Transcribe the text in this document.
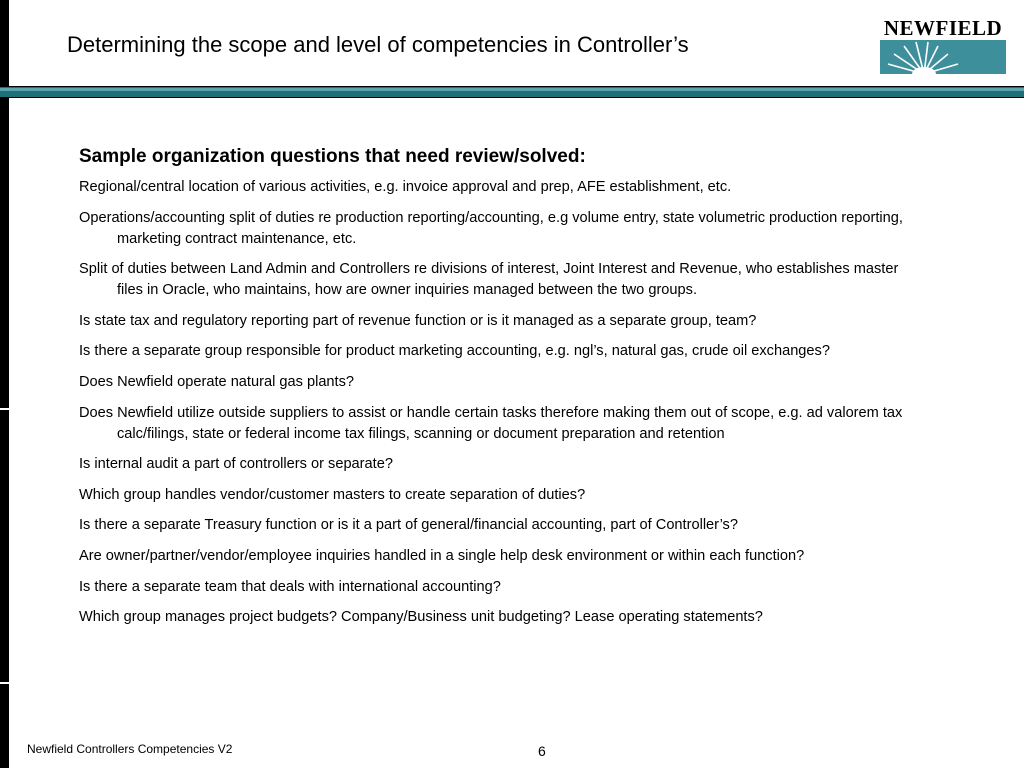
Determining the scope and level of competencies in Controller’s
NEWFIELD
Sample organization questions that need review/solved:
Regional/central location of various activities, e.g. invoice approval and prep, AFE establishment, etc.
Operations/accounting split of duties re production reporting/accounting, e.g volume entry, state volumetric production reporting, marketing contract maintenance, etc.
Split of duties between Land Admin and Controllers re divisions of interest, Joint Interest and Revenue, who establishes master files in Oracle, who maintains, how are owner inquiries managed between the two groups.
Is state tax and regulatory reporting part of revenue function or is it managed as a separate group, team?
Is there a separate group responsible for product marketing accounting, e.g. ngl’s, natural gas, crude oil exchanges?
Does Newfield operate natural gas plants?
Does Newfield utilize outside suppliers to assist or handle certain tasks therefore making them out of scope, e.g. ad valorem tax calc/filings, state or federal income tax filings, scanning or document preparation and retention
Is internal audit a part of controllers or separate?
Which group handles vendor/customer masters to create separation of duties?
Is there a separate Treasury function or is it a part of general/financial accounting, part of Controller’s?
Are owner/partner/vendor/employee inquiries handled in a single help desk environment or within each function?
Is there a separate team that deals with international accounting?
Which group manages project budgets? Company/Business unit budgeting? Lease operating statements?
Newfield Controllers Competencies V2	6
